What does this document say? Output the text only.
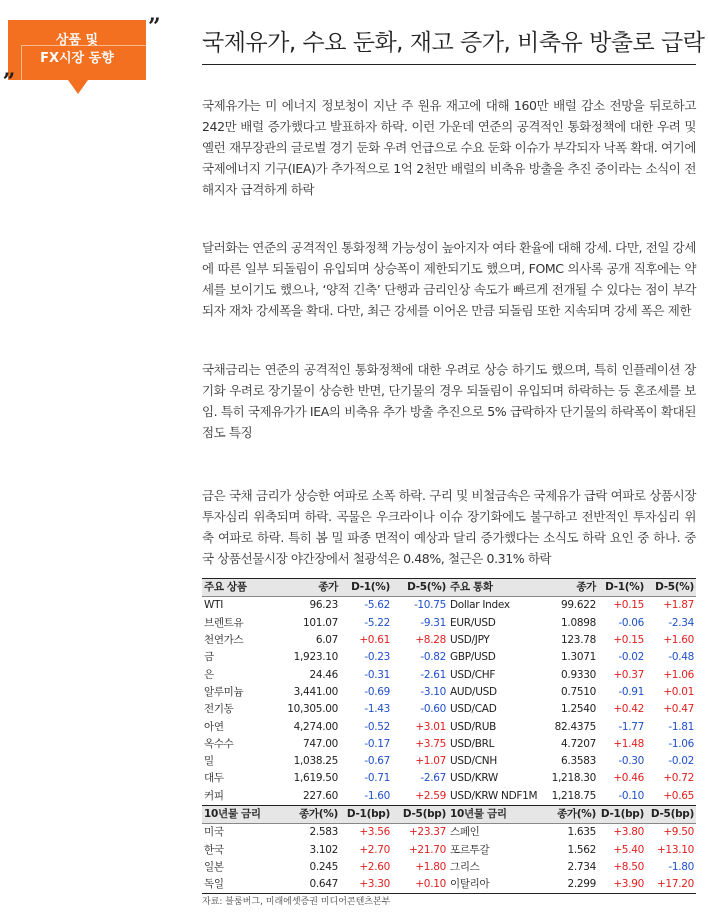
상품 및
FX시장 동향
„
”
국제유가, 수요 둔화, 재고 증가, 비축유 방출로 급락
국제유가는 미 에너지 정보청이 지난 주 원유 재고에 대해 160만 배럴 감소 전망을 뒤로하고 242만 배럴 증가했다고 발표하자 하락. 이런 가운데 연준의 공격적인 통화정책에 대한 우려 및 옐런 재무장관의 글로벌 경기 둔화 우려 언급으로 수요 둔화 이슈가 부각되자 낙폭 확대. 여기에 국제에너지 기구(IEA)가 추가적으로 1억 2천만 배럴의 비축유 방출을 추진 중이라는 소식이 전해지자 급격하게 하락
달러화는 연준의 공격적인 통화정책 가능성이 높아지자 여타 환율에 대해 강세. 다만, 전일 강세에 따른 일부 되돌림이 유입되며 상승폭이 제한되기도 했으며, FOMC 의사록 공개 직후에는 약세를 보이기도 했으나, ‘양적 긴축’ 단행과 금리인상 속도가 빠르게 전개될 수 있다는 점이 부각되자 재차 강세폭을 확대. 다만, 최근 강세를 이어온 만큼 되돌림 또한 지속되며 강세 폭은 제한
국채금리는 연준의 공격적인 통화정책에 대한 우려로 상승 하기도 했으며, 특히 인플레이션 장기화 우려로 장기물이 상승한 반면, 단기물의 경우 되돌림이 유입되며 하락하는 등 혼조세를 보임. 특히 국제유가가 IEA의 비축유 추가 방출 추진으로 5% 급락하자 단기물의 하락폭이 확대된 점도 특징
금은 국채 금리가 상승한 여파로 소폭 하락. 구리 및 비철금속은 국제유가 급락 여파로 상품시장 투자심리 위축되며 하락. 곡물은 우크라이나 이슈 장기화에도 불구하고 전반적인 투자심리 위축 여파로 하락. 특히 봄 밀 파종 면적이 예상과 달리 증가했다는 소식도 하락 요인 중 하나. 중국 상품선물시장 야간장에서 철광석은 0.48%, 철근은 0.31% 하락
주요 상품	종가	D-1(%)	D-5(%)	주요 통화	종가	D-1(%)	D-5(%)
WTI	96.23	-5.62	-10.75	Dollar Index	99.622	+0.15	+1.87
브렌트유	101.07	-5.22	-9.31	EUR/USD	1.0898	-0.06	-2.34
천연가스	6.07	+0.61	+8.28	USD/JPY	123.78	+0.15	+1.60
금	1,923.10	-0.23	-0.82	GBP/USD	1.3071	-0.02	-0.48
은	24.46	-0.31	-2.61	USD/CHF	0.9330	+0.37	+1.06
알루미늄	3,441.00	-0.69	-3.10	AUD/USD	0.7510	-0.91	+0.01
전기동	10,305.00	-1.43	-0.60	USD/CAD	1.2540	+0.42	+0.47
아연	4,274.00	-0.52	+3.01	USD/RUB	82.4375	-1.77	-1.81
옥수수	747.00	-0.17	+3.75	USD/BRL	4.7207	+1.48	-1.06
밀	1,038.25	-0.67	+1.07	USD/CNH	6.3583	-0.30	-0.02
대두	1,619.50	-0.71	-2.67	USD/KRW	1,218.30	+0.46	+0.72
커피	227.60	-1.60	+2.59	USD/KRW NDF1M	1,218.75	-0.10	+0.65
10년물 금리	종가(%)	D-1(bp)	D-5(bp)	10년물 금리	종가(%)	D-1(bp)	D-5(bp)
미국	2.583	+3.56	+23.37	스페인	1.635	+3.80	+9.50
한국	3.102	+2.70	+21.70	포르투갈	1.562	+5.40	+13.10
일본	0.245	+2.60	+1.80	그리스	2.734	+8.50	-1.80
독일	0.647	+3.30	+0.10	이탈리아	2.299	+3.90	+17.20
자료: 블룸버그, 미래에셋증권 미디어콘텐츠본부
